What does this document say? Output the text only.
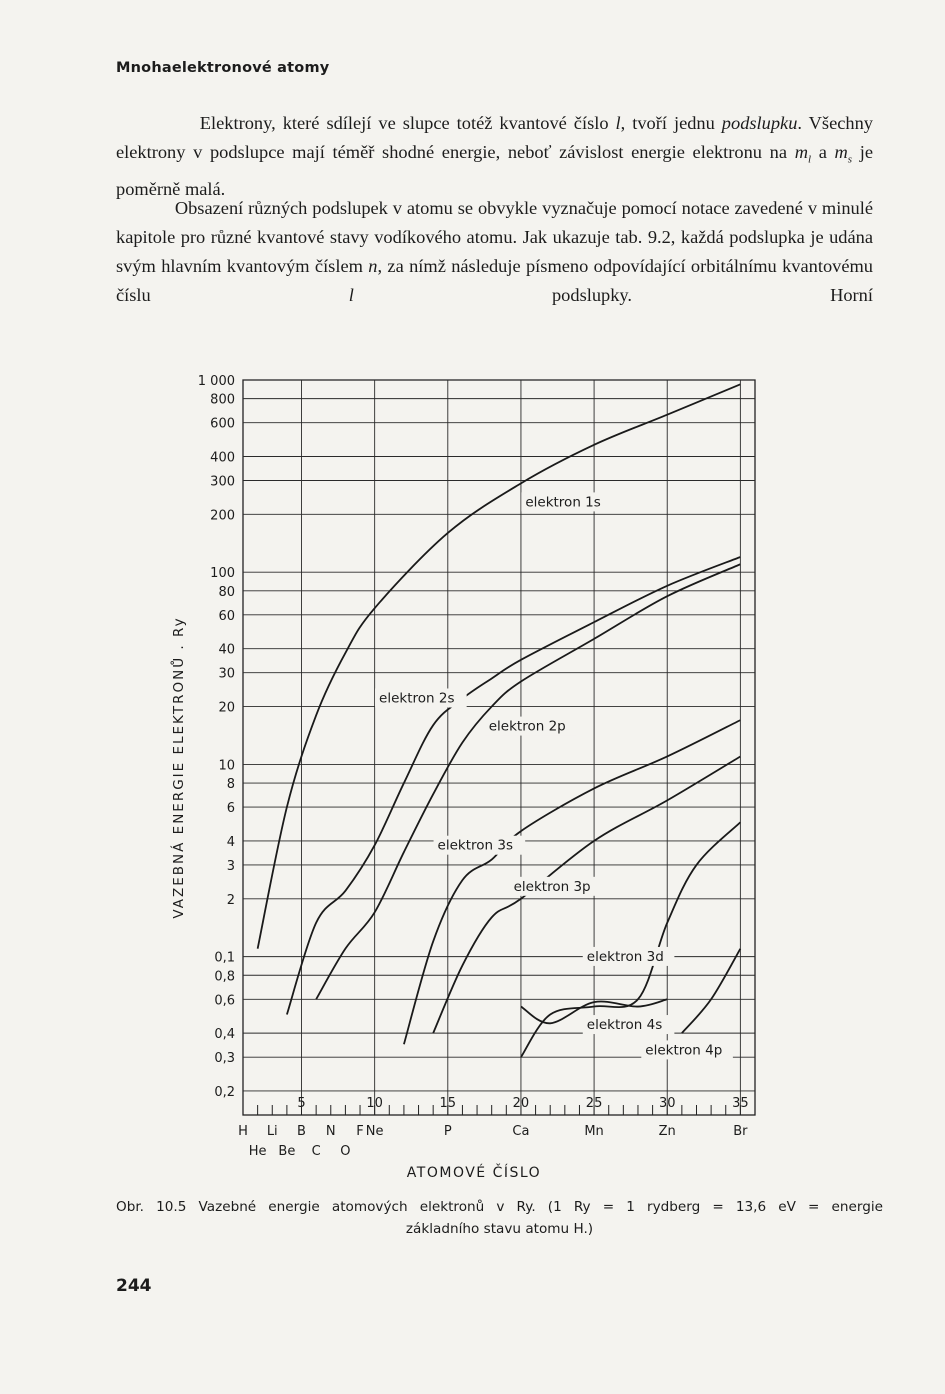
Mnohaelektronové atomy

Elektrony, které sdílejí ve slupce totéž kvantové číslo l, tvoří jednu podslupku. Všechny elektrony v podslupce mají téměř shodné energie, neboť závislost energie elektronu na $m_l$ a $m_s$ je poměrně malá.

Obsazení různých podslupek v atomu se obvykle vyznačuje pomocí notace zavedené v minulé kapitole pro různé kvantové stavy vodíkového atomu. Jak ukazuje tab. 9.2, každá podslupka je udána svým hlavním kvantovým číslem n, za nímž následuje písmeno odpovídající orbitálnímu kvantovému číslu l podslupky. Horní

1 000
800
600
400
300
200
100
80
60
40
30
20
10
8
6
4
3
2
0,1
0,8
0,6
0,4
0,3
0,2
5	10	15	20	25	30	35
H Li B N F Ne	P	Ca	Mn	Zn	Br
He Be C O
ATOMOVÉ ČÍSLO
VAZEBNÁ ENERGIE ELEKTRONŮ . Ry
elektron 1s
elektron 2s
elektron 2p
elektron 3s
elektron 3p
elektron 3d
elektron 4s
elektron 4p
Obr. 10.5 Vazebné energie atomových elektronů v Ry. (1 Ry = 1 rydberg = 13,6 eV = energie
základního stavu atomu H.)
244
